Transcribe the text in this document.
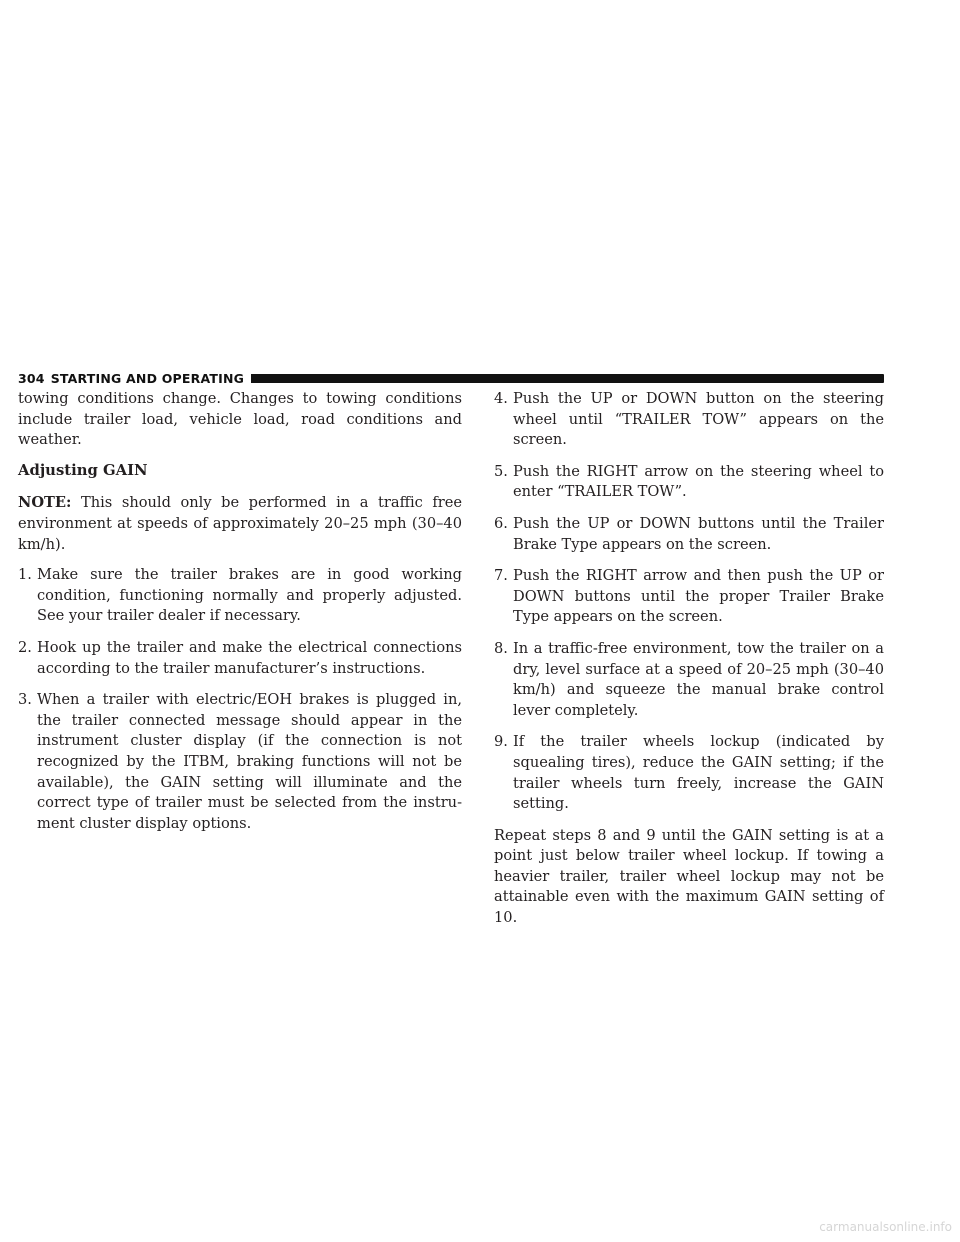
304 STARTING AND OPERATING

towing conditions change. Changes to towing conditions include trailer load, vehicle load, road conditions and weather.

Adjusting GAIN

NOTE: This should only be performed in a traffic free environment at speeds of approximately 20–25 mph (30–40 km/h).

1. Make sure the trailer brakes are in good working condition, functioning normally and properly adjusted. See your trailer dealer if necessary.
2. Hook up the trailer and make the electrical connections according to the trailer manufacturer’s instructions.
3. When a trailer with electric/EOH brakes is plugged in, the trailer connected message should appear in the instrument cluster display (if the connection is not recognized by the ITBM, braking functions will not be available), the GAIN setting will illuminate and the correct type of trailer must be selected from the instru- ment cluster display options.
4. Push the UP or DOWN button on the steering wheel until “TRAILER TOW” appears on the screen.
5. Push the RIGHT arrow on the steering wheel to enter “TRAILER TOW”.
6. Push the UP or DOWN buttons until the Trailer Brake Type appears on the screen.
7. Push the RIGHT arrow and then push the UP or DOWN buttons until the proper Trailer Brake Type appears on the screen.
8. In a traffic-free environment, tow the trailer on a dry, level surface at a speed of 20–25 mph (30–40 km/h) and squeeze the manual brake control lever completely.
9. If the trailer wheels lockup (indicated by squealing tires), reduce the GAIN setting; if the trailer wheels turn freely, increase the GAIN setting.

Repeat steps 8 and 9 until the GAIN setting is at a point just below trailer wheel lockup. If towing a heavier trailer, trailer wheel lockup may not be attainable even with the maximum GAIN setting of 10.

carmanualsonline.info
